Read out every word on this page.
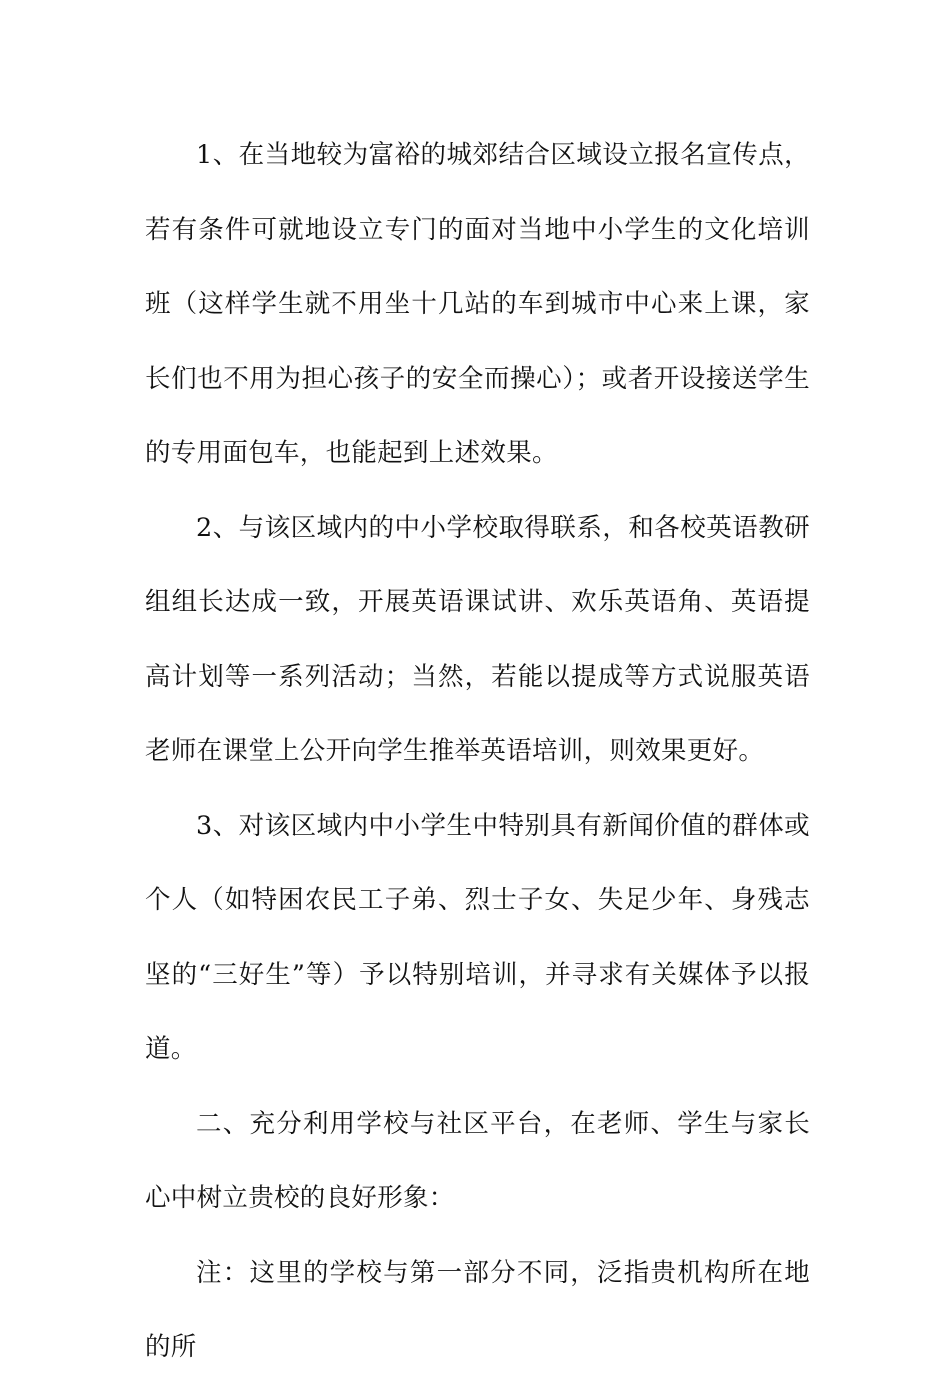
1、在当地较为富裕的城郊结合区域设立报名宣传点，若有条件可就地设立专门的面对当地中小学生的文化培训班（这样学生就不用坐十几站的车到城市中心来上课，家长们也不用为担心孩子的安全而操心）；或者开设接送学生的专用面包车，也能起到上述效果。

2、与该区域内的中小学校取得联系，和各校英语教研组组长达成一致，开展英语课试讲、欢乐英语角、英语提高计划等一系列活动；当然，若能以提成等方式说服英语老师在课堂上公开向学生推举英语培训，则效果更好。

3、对该区域内中小学生中特别具有新闻价值的群体或个人（如特困农民工子弟、烈士子女、失足少年、身残志坚的“三好生”等）予以特别培训，并寻求有关媒体予以报道。

二、充分利用学校与社区平台，在老师、学生与家长心中树立贵校的良好形象：

注：这里的学校与第一部分不同，泛指贵机构所在地的所
